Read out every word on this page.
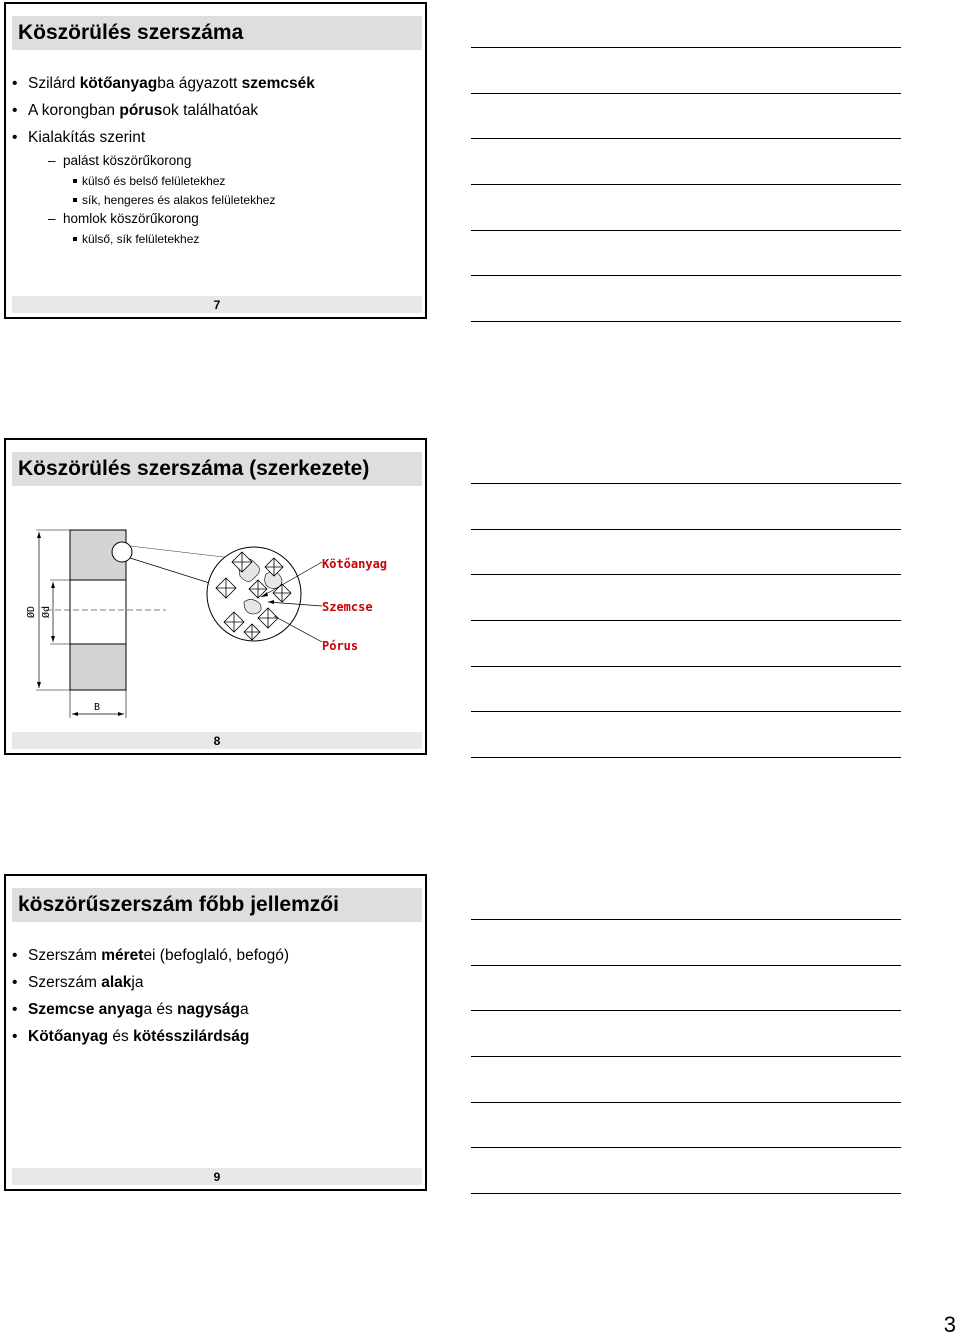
Köszörülés szerszáma
• Szilárd kötőanyagba ágyazott szemcsék
• A korongban pórusok találhatóak
• Kialakítás szerint
– palást köszörűkorong
külső és belső felületekhez
sík, hengeres és alakos felületekhez
– homlok köszörűkorong
külső, sík felületekhez
7
Köszörülés szerszáma (szerkezete)
ØD Ød
B
Kötőanyag
Szemcse
Pórus
8
köszörűszerszám főbb jellemzői
• Szerszám méretei (befoglaló, befogó)
• Szerszám alakja
• Szemcse anyaga és nagysága
• Kötőanyag és kötésszilárdság
9
3
